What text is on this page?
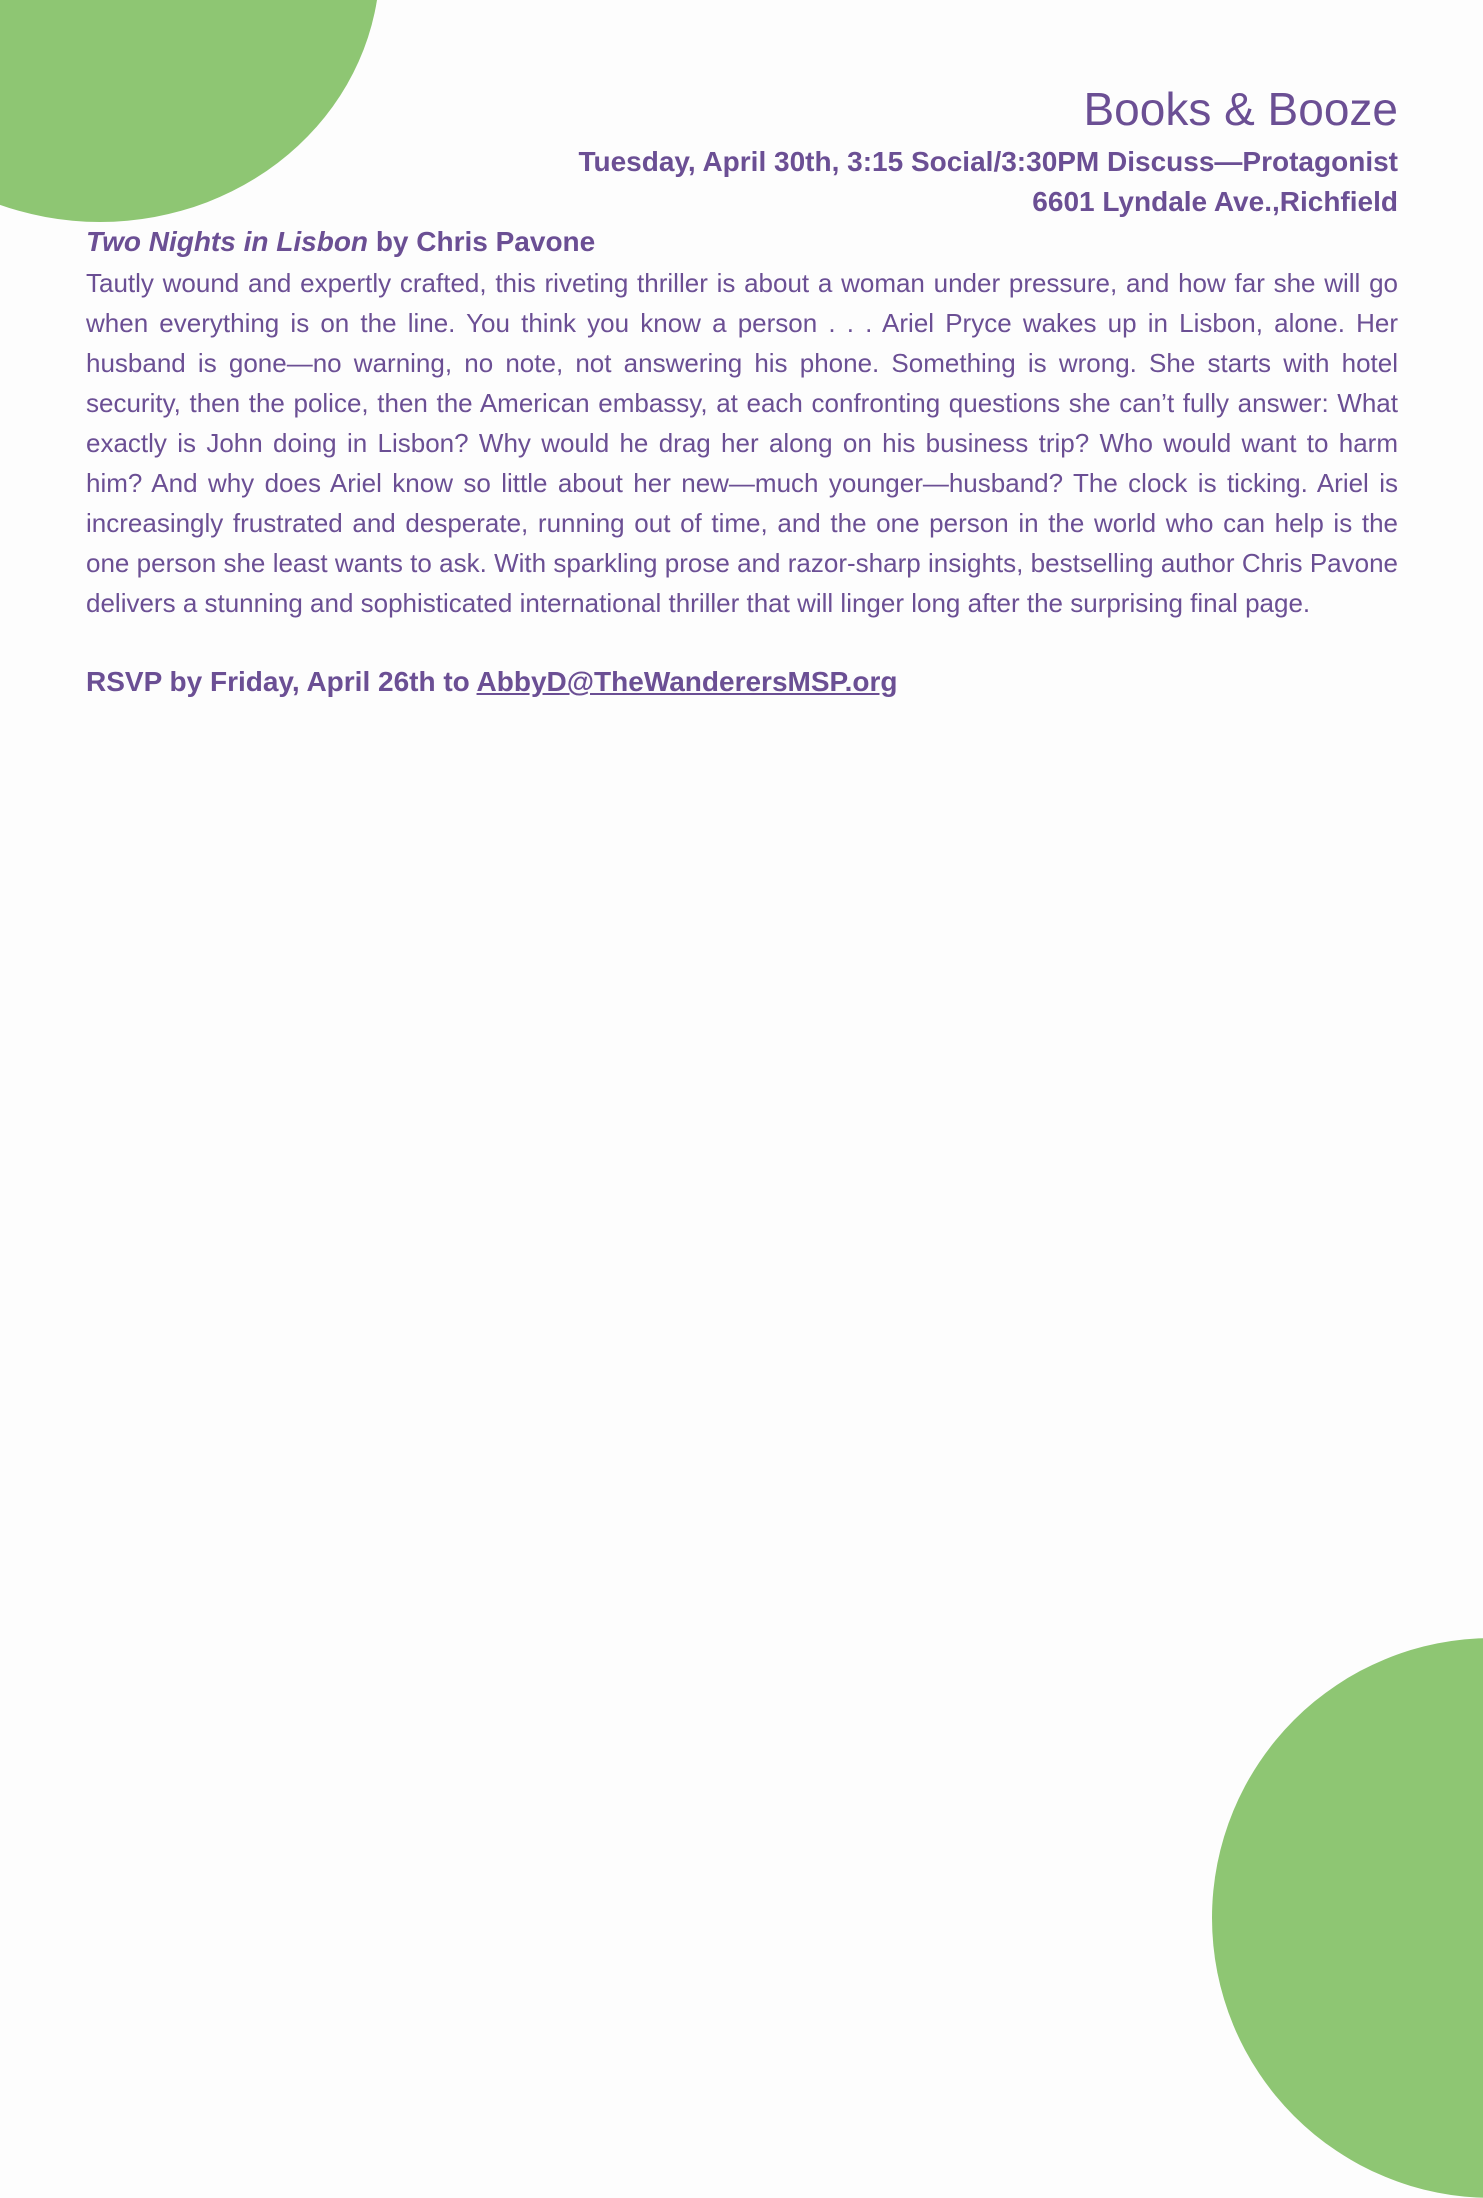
Books & Booze
Tuesday, April 30th, 3:15 Social/3:30PM Discuss—Protagonist
6601 Lyndale Ave.,Richfield
Two Nights in Lisbon by Chris Pavone

Tautly wound and expertly crafted, this riveting thriller is about a woman under pressure, and how far she will go when everything is on the line. You think you know a person . . . Ariel Pryce wakes up in Lisbon, alone. Her husband is gone—no warning, no note, not answering his phone. Something is wrong. She starts with hotel security, then the police, then the American embassy, at each confronting questions she can’t fully answer: What exactly is John doing in Lisbon? Why would he drag her along on his business trip? Who would want to harm him? And why does Ariel know so little about her new—much younger—husband? The clock is ticking. Ariel is increasingly frustrated and desperate, running out of time, and the one person in the world who can help is the one person she least wants to ask. With sparkling prose and razor-sharp insights, bestselling author Chris Pavone delivers a stunning and sophisticated international thriller that will linger long after the surprising final page.

RSVP by Friday, April 26th to AbbyD@TheWanderersMSP.org
